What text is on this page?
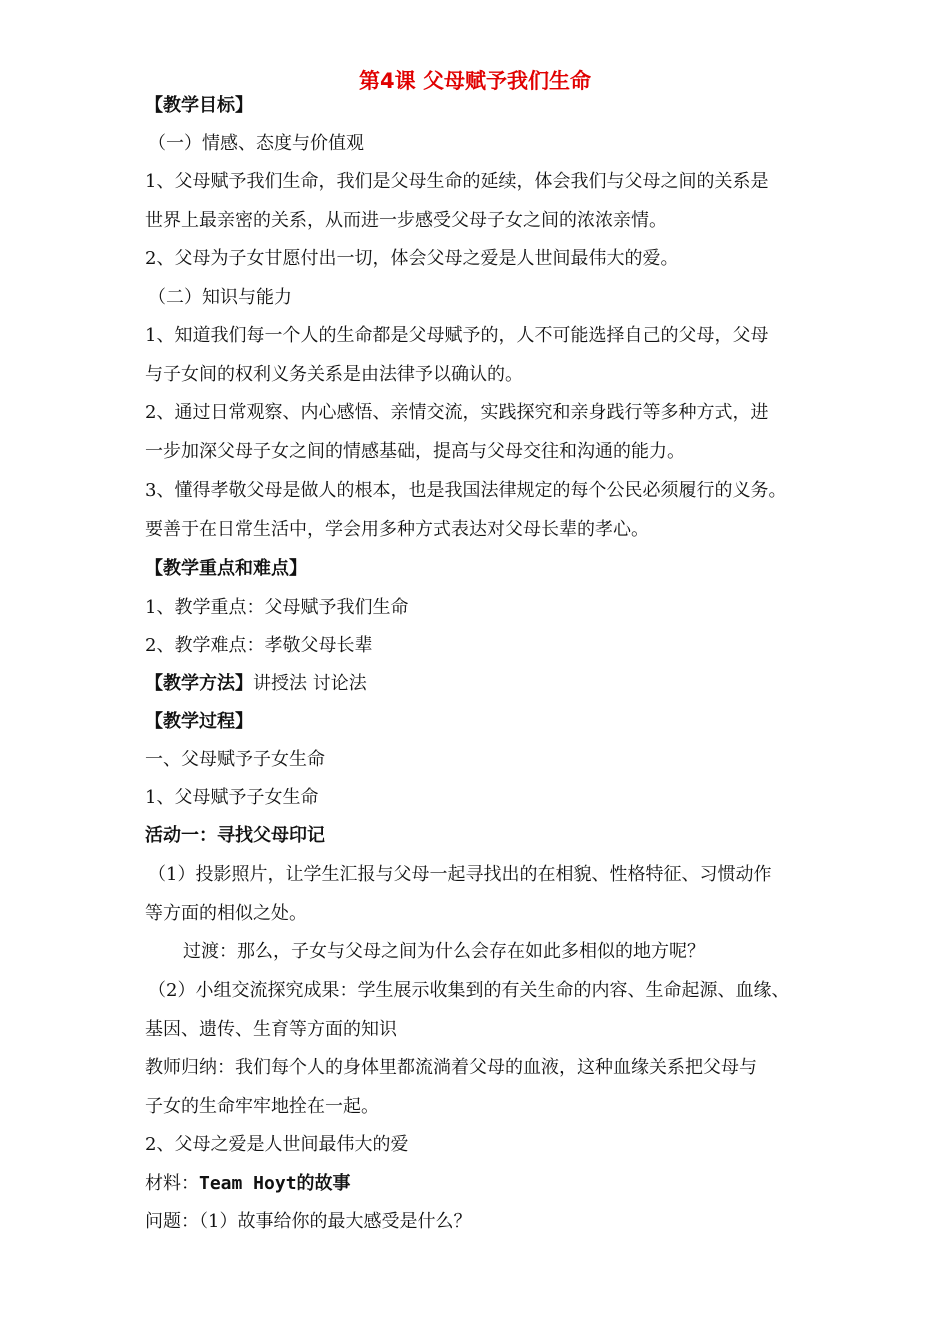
第4课 父母赋予我们生命
【教学目标】
（一）情感、态度与价值观
1、父母赋予我们生命，我们是父母生命的延续，体会我们与父母之间的关系是
世界上最亲密的关系，从而进一步感受父母子女之间的浓浓亲情。
2、父母为子女甘愿付出一切，体会父母之爱是人世间最伟大的爱。
（二）知识与能力
1、知道我们每一个人的生命都是父母赋予的，人不可能选择自己的父母，父母
与子女间的权利义务关系是由法律予以确认的。
2、通过日常观察、内心感悟、亲情交流，实践探究和亲身践行等多种方式，进
一步加深父母子女之间的情感基础，提高与父母交往和沟通的能力。
3、懂得孝敬父母是做人的根本，也是我国法律规定的每个公民必须履行的义务。
要善于在日常生活中，学会用多种方式表达对父母长辈的孝心。
【教学重点和难点】
1、教学重点：父母赋予我们生命
2、教学难点：孝敬父母长辈
【教学方法】讲授法 讨论法
【教学过程】
一、父母赋予子女生命
1、父母赋予子女生命
活动一：寻找父母印记
（1）投影照片，让学生汇报与父母一起寻找出的在相貌、性格特征、习惯动作
等方面的相似之处。
过渡：那么，子女与父母之间为什么会存在如此多相似的地方呢？
（2）小组交流探究成果：学生展示收集到的有关生命的内容、生命起源、血缘、
基因、遗传、生育等方面的知识
教师归纳：我们每个人的身体里都流淌着父母的血液，这种血缘关系把父母与
子女的生命牢牢地拴在一起。
2、父母之爱是人世间最伟大的爱
材料：Team Hoyt的故事
问题：（1）故事给你的最大感受是什么？
